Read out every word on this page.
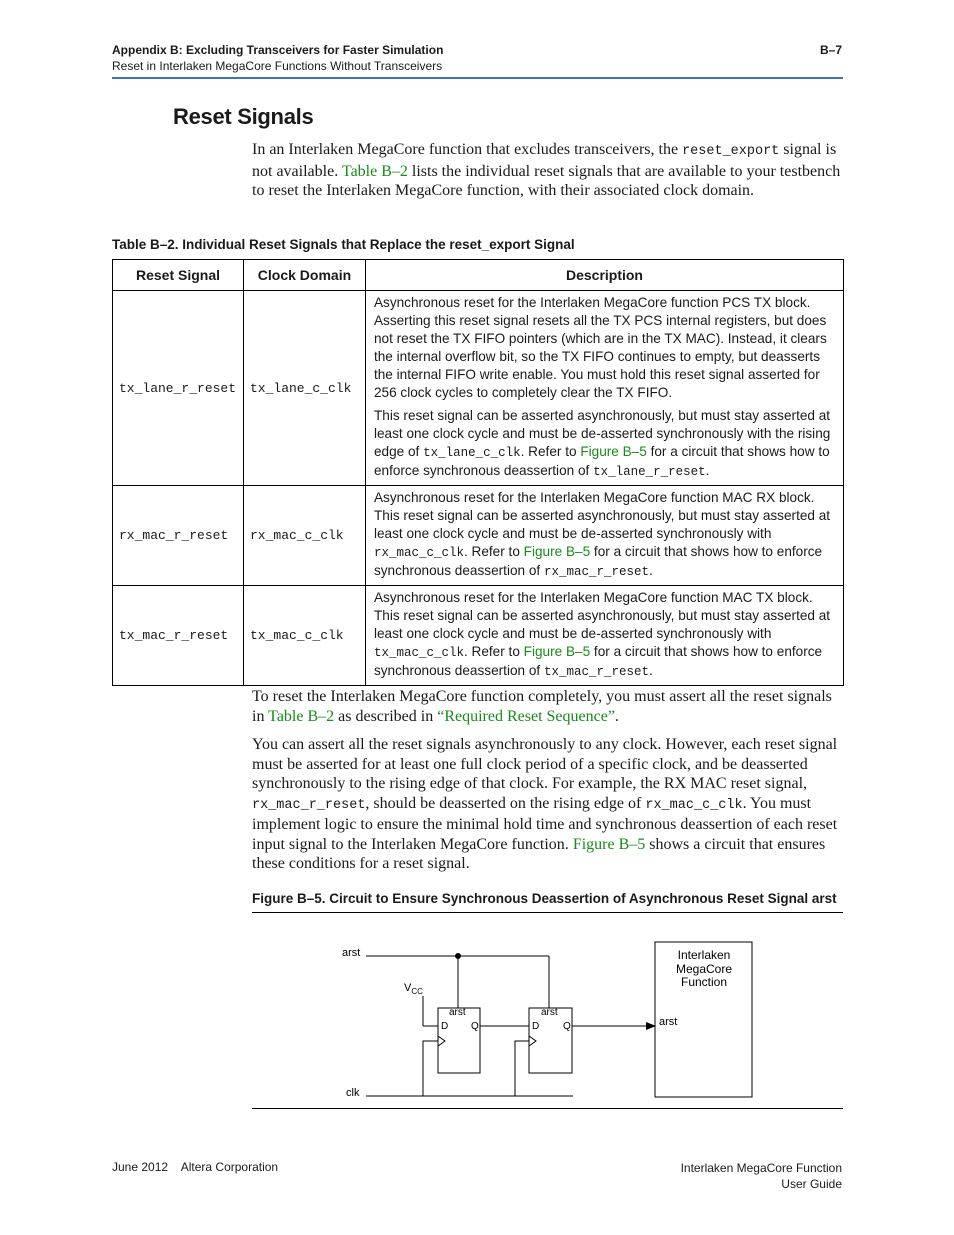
Appendix B: Excluding Transceivers for Faster Simulation	B–7
Reset in Interlaken MegaCore Functions Without Transceivers
Reset Signals
In an Interlaken MegaCore function that excludes transceivers, the reset_export signal is not available. Table B–2 lists the individual reset signals that are available to your testbench to reset the Interlaken MegaCore function, with their associated clock domain.
Table B–2. Individual Reset Signals that Replace the reset_export Signal
Reset Signal	Clock Domain	Description
tx_lane_r_reset	tx_lane_c_clk	Asynchronous reset for the Interlaken MegaCore function PCS TX block. Asserting this reset signal resets all the TX PCS internal registers, but does not reset the TX FIFO pointers (which are in the TX MAC). Instead, it clears the internal overflow bit, so the TX FIFO continues to empty, but deasserts the internal FIFO write enable. You must hold this reset signal asserted for 256 clock cycles to completely clear the TX FIFO.

This reset signal can be asserted asynchronously, but must stay asserted at least one clock cycle and must be de-asserted synchronously with the rising edge of tx_lane_c_clk. Refer to Figure B–5 for a circuit that shows how to enforce synchronous deassertion of tx_lane_r_reset.

rx_mac_r_reset	rx_mac_c_clk	Asynchronous reset for the Interlaken MegaCore function MAC RX block. This reset signal can be asserted asynchronously, but must stay asserted at least one clock cycle and must be de-asserted synchronously with rx_mac_c_clk. Refer to Figure B–5 for a circuit that shows how to enforce synchronous deassertion of rx_mac_r_reset.

tx_mac_r_reset	tx_mac_c_clk	Asynchronous reset for the Interlaken MegaCore function MAC TX block. This reset signal can be asserted asynchronously, but must stay asserted at least one clock cycle and must be de-asserted synchronously with tx_mac_c_clk. Refer to Figure B–5 for a circuit that shows how to enforce synchronous deassertion of tx_mac_r_reset.

To reset the Interlaken MegaCore function completely, you must assert all the reset signals in Table B–2 as described in “Required Reset Sequence”.
You can assert all the reset signals asynchronously to any clock. However, each reset signal must be asserted for at least one full clock period of a specific clock, and be deasserted synchronously to the rising edge of that clock. For example, the RX MAC reset signal, rx_mac_r_reset, should be deasserted on the rising edge of rx_mac_c_clk. You must implement logic to ensure the minimal hold time and synchronous deassertion of each reset input signal to the Interlaken MegaCore function. Figure B–5 shows a circuit that ensures these conditions for a reset signal.
Figure B–5. Circuit to Ensure Synchronous Deassertion of Asynchronous Reset Signal arst
arst
clk
$V_{CC}$
arst
D Q
arst
D Q
Interlaken
MegaCore
Function
arst
June 2012    Altera Corporation	Interlaken MegaCore Function
User Guide
